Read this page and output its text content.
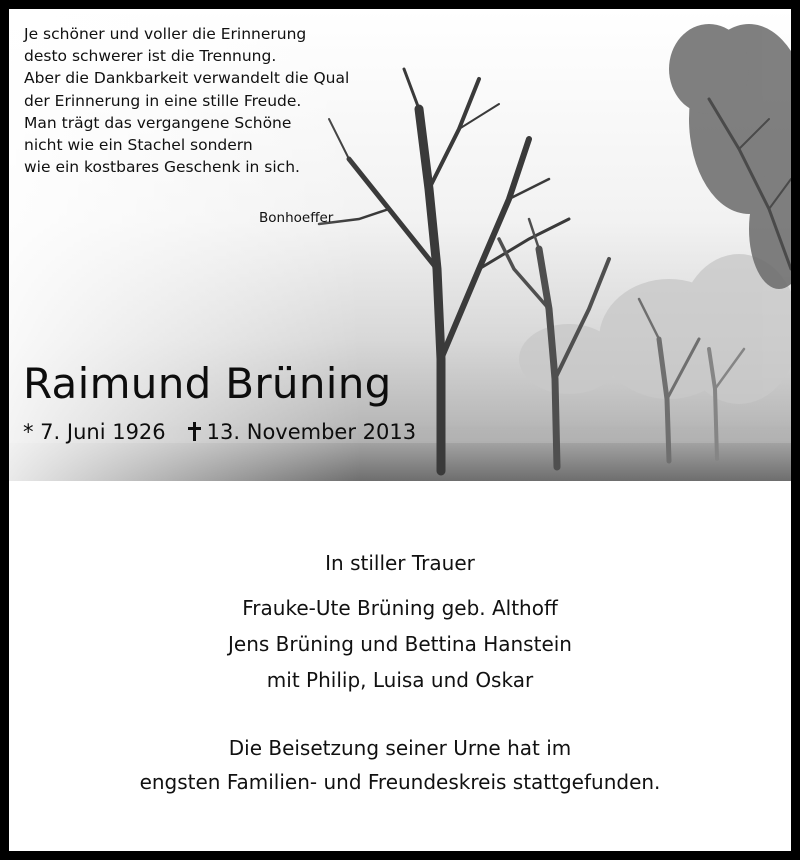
Je schöner und voller die Erinnerung
desto schwerer ist die Trennung.
Aber die Dankbarkeit verwandelt die Qual
der Erinnerung in eine stille Freude.
Man trägt das vergangene Schöne
nicht wie ein Stachel sondern
wie ein kostbares Geschenk in sich.
Bonhoeffer
Raimund Brüning
* 7. Juni 1926 13. November 2013
In stiller Trauer
Frauke-Ute Brüning geb. Althoff
Jens Brüning und Bettina Hanstein
mit Philip, Luisa und Oskar
Die Beisetzung seiner Urne hat im
engsten Familien- und Freundeskreis stattgefunden.
